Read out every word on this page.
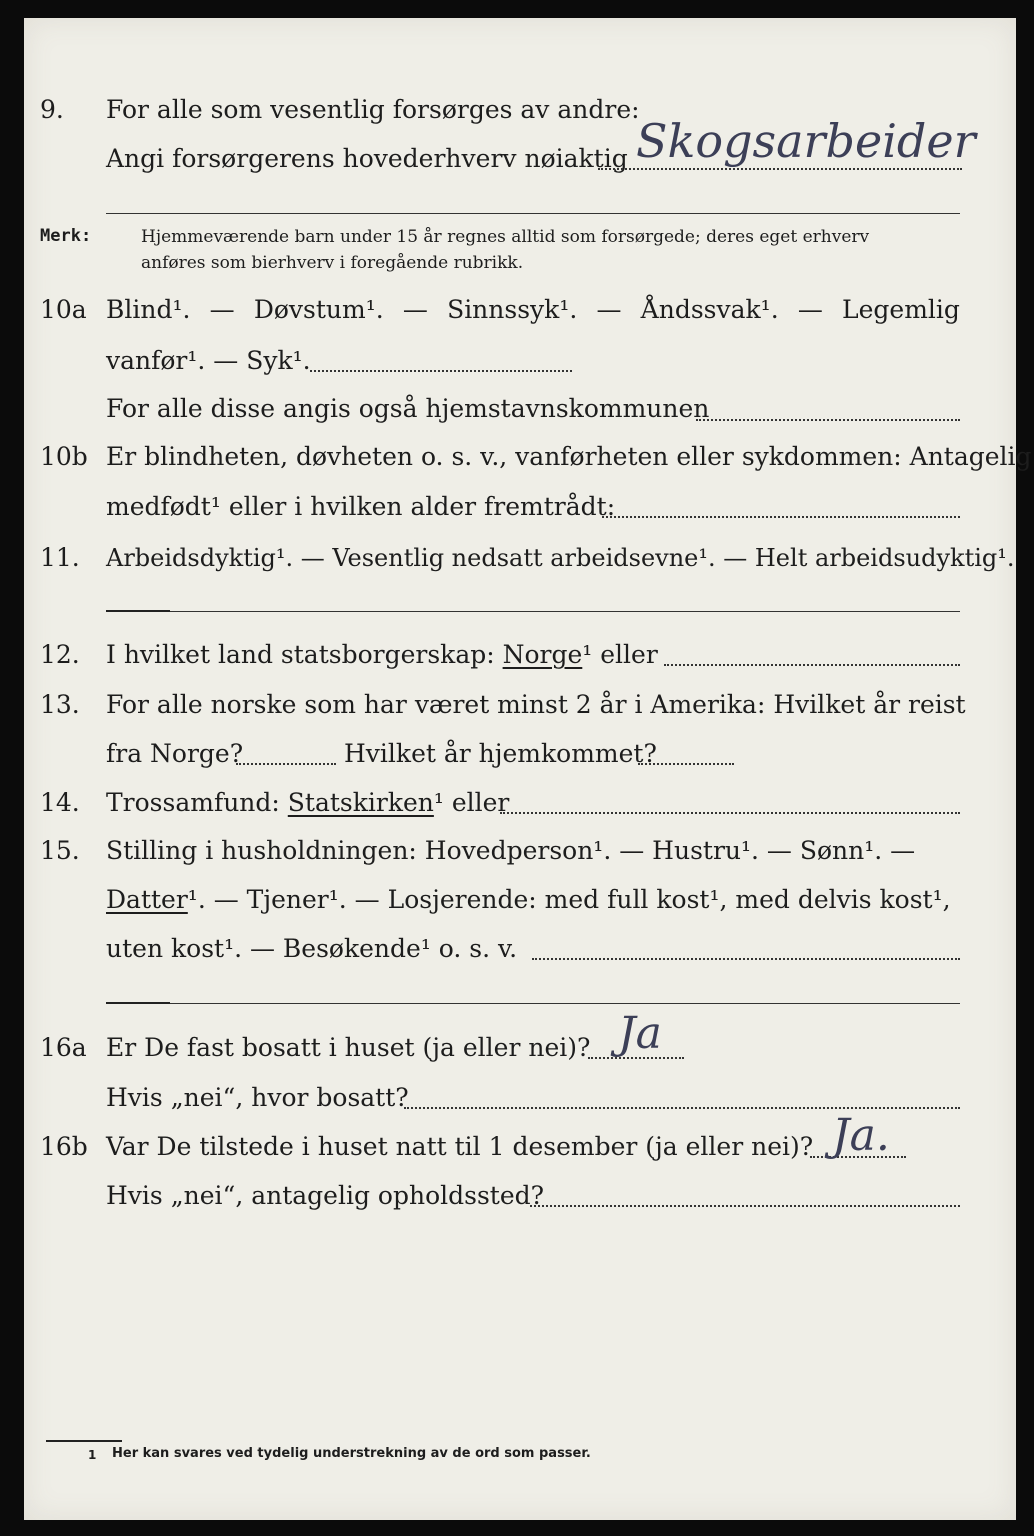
9. For alle som vesentlig forsørges av andre:
Angi forsørgerens hovederhverv nøiaktig Skogsarbeider
Merk:	Hjemmeværende barn under 15 år regnes alltid som forsørgede; deres eget erhverv
anføres som bierhverv i foregående rubrikk.
10a Blind¹. — Døvstum¹. — Sinnssyk¹. — Åndssvak¹. — Legemlig
vanfør¹. — Syk¹.
For alle disse angis også hjemstavnskommunen
10b Er blindheten, døvheten o. s. v., vanførheten eller sykdommen: Antagelig
medfødt¹ eller i hvilken alder fremtrådt:
11. Arbeidsdyktig¹. — Vesentlig nedsatt arbeidsevne¹. — Helt arbeidsudyktig¹.
12. I hvilket land statsborgerskap: Norge¹ eller
13. For alle norske som har været minst 2 år i Amerika: Hvilket år reist
fra Norge?	Hvilket år hjemkommet?
14. Trossamfund: Statskirken¹ eller
15. Stilling i husholdningen: Hovedperson¹. — Hustru¹. — Sønn¹. —
Datter¹. — Tjener¹. — Losjerende: med full kost¹, med delvis kost¹,
uten kost¹. — Besøkende¹ o. s. v.
16a Er De fast bosatt i huset (ja eller nei)? Ja
Hvis „nei“, hvor bosatt?
16b Var De tilstede i huset natt til 1 desember (ja eller nei)? Ja.
Hvis „nei“, antagelig opholdssted?
1 Her kan svares ved tydelig understrekning av de ord som passer.
